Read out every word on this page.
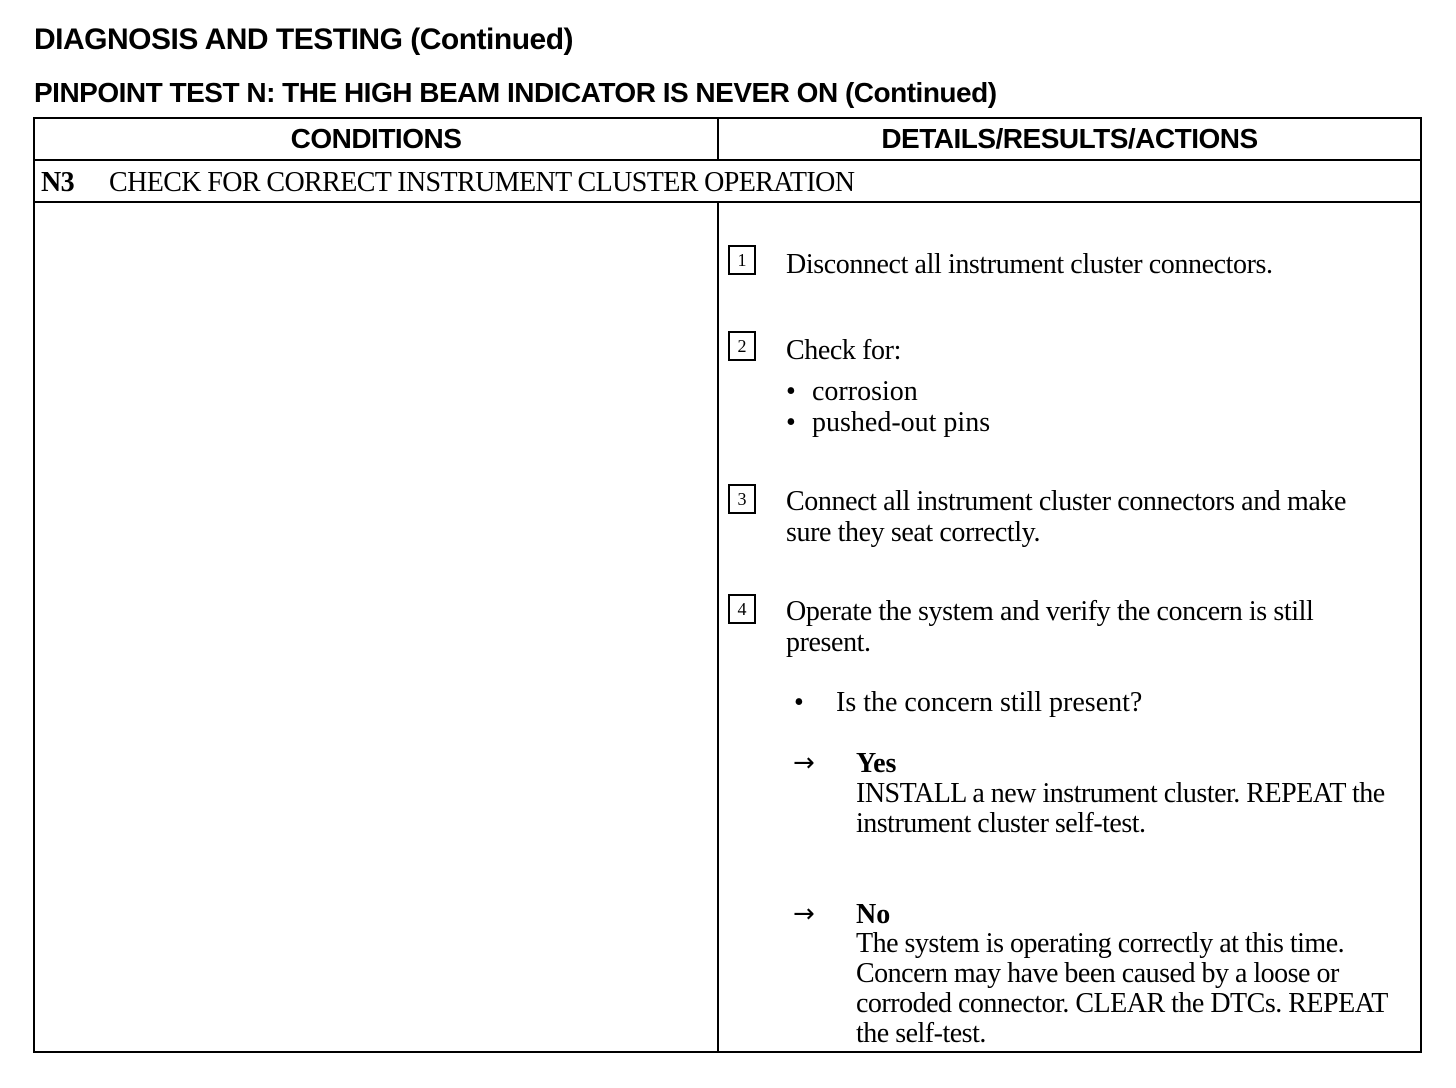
DIAGNOSIS AND TESTING (Continued)
PINPOINT TEST N: THE HIGH BEAM INDICATOR IS NEVER ON (Continued)
CONDITIONS	DETAILS/RESULTS/ACTIONS
N3 CHECK FOR CORRECT INSTRUMENT CLUSTER OPERATION
1	Disconnect all instrument cluster connectors.
2	Check for:
• corrosion
• pushed-out pins
3	Connect all instrument cluster connectors and make sure they seat correctly.
4	Operate the system and verify the concern is still present.
• Is the concern still present?
→ Yes
INSTALL a new instrument cluster. REPEAT the instrument cluster self-test.
→ No
The system is operating correctly at this time. Concern may have been caused by a loose or corroded connector. CLEAR the DTCs. REPEAT the self-test.
